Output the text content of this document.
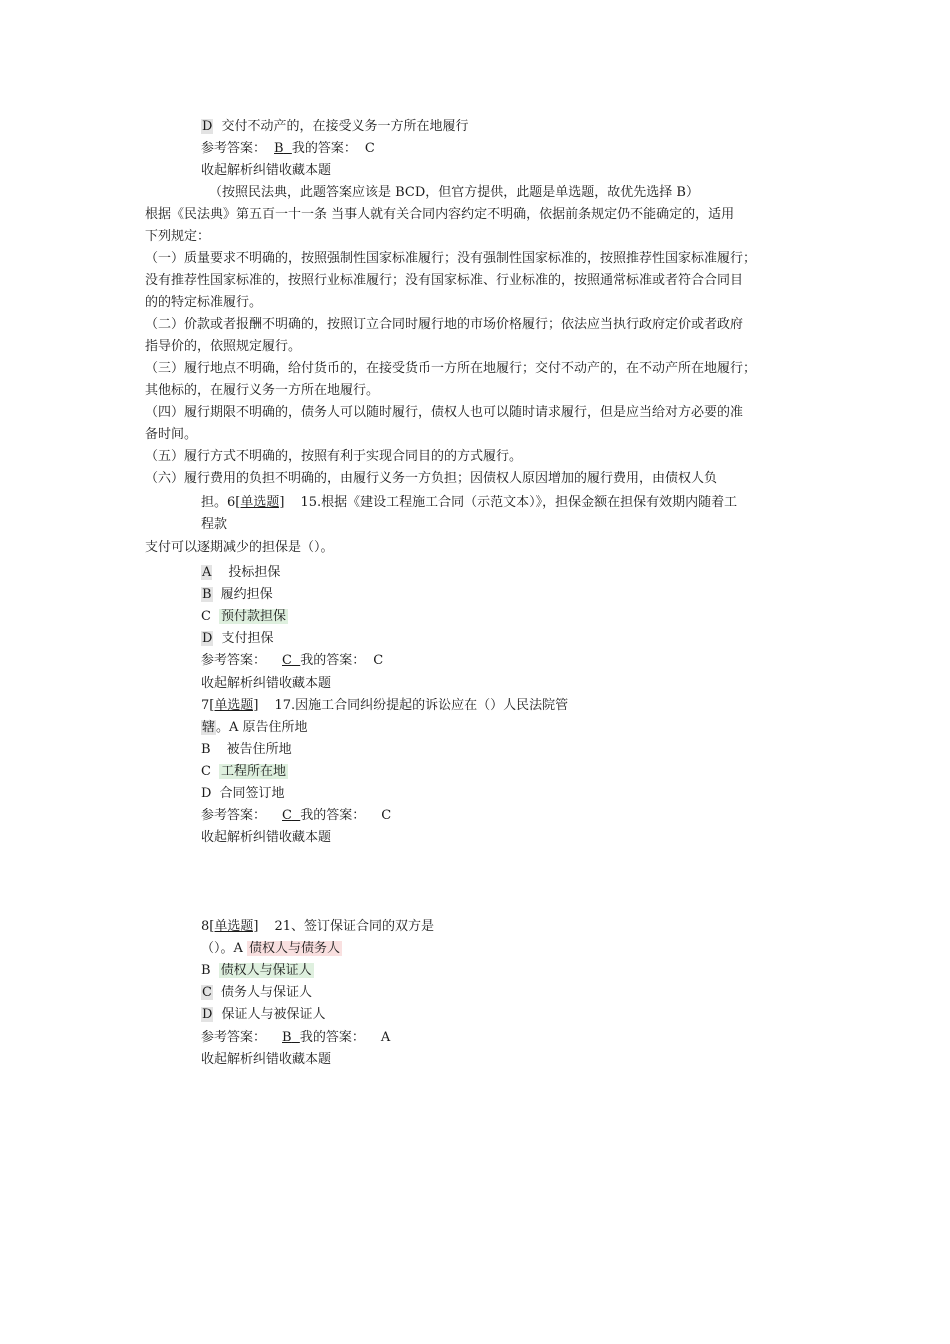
D 交付不动产的，在接受义务一方所在地履行
参考答案： B 我的答案： C
收起解析纠错收藏本题
（按照民法典，此题答案应该是 BCD，但官方提供，此题是单选题，故优先选择 B）
根据《民法典》第五百一十一条 当事人就有关合同内容约定不明确，依据前条规定仍不能确定的，适用
下列规定：
（一）质量要求不明确的，按照强制性国家标准履行；没有强制性国家标准的，按照推荐性国家标准履行；
没有推荐性国家标准的，按照行业标准履行；没有国家标准、行业标准的，按照通常标准或者符合合同目
的的特定标准履行。
（二）价款或者报酬不明确的，按照订立合同时履行地的市场价格履行；依法应当执行政府定价或者政府
指导价的，依照规定履行。
（三）履行地点不明确，给付货币的，在接受货币一方所在地履行；交付不动产的，在不动产所在地履行；
其他标的，在履行义务一方所在地履行。
（四）履行期限不明确的，债务人可以随时履行，债权人也可以随时请求履行，但是应当给对方必要的准
备时间。
（五）履行方式不明确的，按照有利于实现合同目的的方式履行。
（六）履行费用的负担不明确的，由履行义务一方负担；因债权人原因增加的履行费用，由债权人负
担。6[单选题] 15.根据《建设工程施工合同（示范文本）》，担保金额在担保有效期内随着工
程款
支付可以逐期减少的担保是（）。
A 投标担保
B 履约担保
C 预付款担保
D 支付担保
参考答案： C 我的答案： C
收起解析纠错收藏本题
7[单选题] 17.因施工合同纠纷提起的诉讼应在（）人民法院管
辖。A 原告住所地
B 被告住所地
C 工程所在地
D 合同签订地
参考答案： C 我的答案： C
收起解析纠错收藏本题
8[单选题] 21、签订保证合同的双方是
（）。A 债权人与债务人
B 债权人与保证人
C 债务人与保证人
D 保证人与被保证人
参考答案： B 我的答案： A
收起解析纠错收藏本题
